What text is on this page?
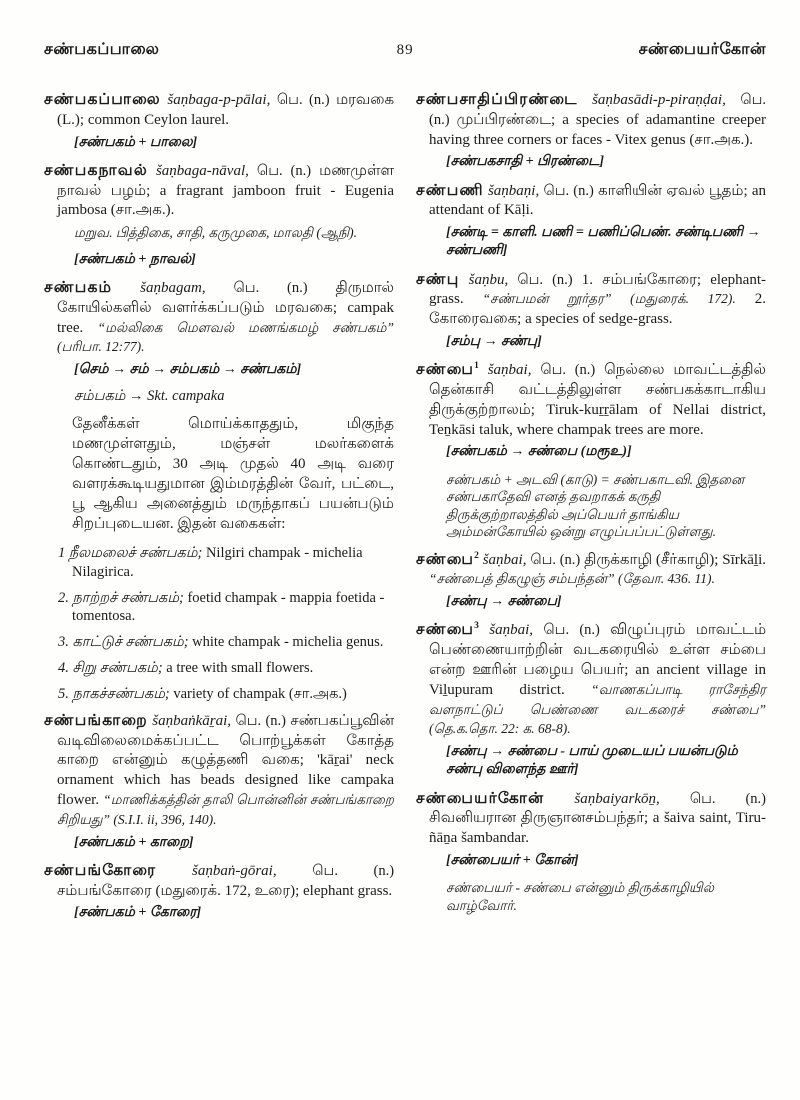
சண்பகப்பாலை	89	சண்பையர்கோன்

சண்பகப்பாலை šaṇbaga-p-pālai, பெ. (n.) மரவகை (L.); common Ceylon laurel.

[சண்பகம் + பாலை]

சண்பகநாவல் šaṇbaga-nāval, பெ. (n.) மணமுள்ள நாவல் பழம்; a fragrant jamboon fruit - Eugenia jambosa (சா.அக.).

மறுவ. பித்திகை, சாதி, கருமுகை, மாலதி (ஆநி).

[சண்பகம் + நாவல்]

சண்பகம் šaṇbagam, பெ. (n.) திருமால் கோயில்களில் வளர்க்கப்படும் மரவகை; campak tree. “மல்லிகை மெளவல் மணங்கமழ் சண்பகம்” (பரிபா. 12:77).

[செம் → சம் → சம்பகம் → சண்பகம்]

சம்பகம் → Skt. campaka

தேனீக்கள் மொய்க்காததும், மிகுந்த மணமுள்ளதும், மஞ்சள் மலர்களைக் கொண்டதும், 30 அடி முதல் 40 அடி வரை வளரக்கூடியதுமான இம்மரத்தின் வேர், பட்டை, பூ ஆகிய அனைத்தும் மருந்தாகப் பயன்படும் சிறப்புடையன. இதன் வகைகள்:

1 நீலமலைச் சண்பகம்; Nilgiri champak - michelia Nilagirica.

2. நாற்றச் சண்பகம்; foetid champak - mappia foetida - tomentosa.

3. காட்டுச் சண்பகம்; white champak - michelia genus.

4. சிறு சண்பகம்; a tree with small flowers.

5. நாகச்சண்பகம்; variety of champak (சா.அக.)

சண்பங்காறை šaṇbaṅkāṟai, பெ. (n.) சண்பகப்பூவின் வடிவிலைமைக்கப்பட்ட பொற்பூக்கள் கோத்த காறை என்னும் கழுத்தணி வகை; 'kāṟai' neck ornament which has beads designed like campaka flower. “மாணிக்கத்தின் தாலி பொன்னின் சண்பங்காறை சிறியது” (S.I.I. ii, 396, 140).

[சண்பகம் + காறை]

சண்பங்கோரை šaṇbaṅ-gōrai, பெ. (n.) சம்பங்கோரை (மதுரைக். 172, உரை); elephant grass.

[சண்பகம் + கோரை]

சண்பசாதிப்பிரண்டை šaṇbasādi-p-piraṇḍai, பெ. (n.) முப்பிரண்டை; a species of adamantine creeper having three corners or faces - Vitex genus (சா.அக.).

[சண்பகசாதி + பிரண்டை]

சண்பணி šaṇbaṇi, பெ. (n.) காளியின் ஏவல் பூதம்; an attendant of Kāḷi.

[சண்டி = காளி. பணி = பணிப்பெண். சண்டிபணி → சண்பணி]

சண்பு šaṇbu, பெ. (n.) 1. சம்பங்கோரை; elephant-grass. “சண்பமன் றூர்தர” (மதுரைக். 172). 2. கோரைவகை; a species of sedge-grass.

[சம்பு → சண்பு]

சண்பை$^1$ šaṇbai, பெ. (n.) நெல்லை மாவட்டத்தில் தென்காசி வட்டத்திலுள்ள சண்பகக்காடாகிய திருக்குற்றாலம்; Tiruk-kuṟṟālam of Nellai district, Teṉkāsi taluk, where champak trees are more.

[சண்பகம் → சண்பை (மரூஉ)]

சண்பகம் + அடவி (காடு) = சண்பகாடவி. இதனை சண்பகாதேவி எனத் தவறாகக் கருதி திருக்குற்றாலத்தில் அப்பெயர் தாங்கிய அம்மன்கோயில் ஒன்று எழுப்பப்பட்டுள்ளது.

சண்பை$^2$ šaṇbai, பெ. (n.) திருக்காழி (சீர்காழி); Sīrkāḻi. “சண்பைத் திகழுஞ் சம்பந்தன்” (தேவா. 436. 11).

[சண்பு → சண்பை]

சண்பை$^3$ šaṇbai, பெ. (n.) விழுப்புரம் மாவட்டம் பெண்ணையாற்றின் வடகரையில் உள்ள சம்பை என்ற ஊரின் பழைய பெயர்; an ancient village in Viḻupuram district. “வாணகப்பாடி ராசேந்திர வளநாட்டுப் பெண்ணை வடகரைச் சண்பை” (தெ.க.தொ. 22: க. 68-8).

[சண்பு → சண்பை - பாய் முடையப் பயன்படும் சண்பு விளைந்த ஊர்]

சண்பையர்கோன் šaṇbaiyarkōṉ, பெ. (n.) சிவனியரான திருஞானசம்பந்தர்; a šaiva saint, Tiru-ñāṉa šambandar.

[சண்பையர் + கோன்]

சண்பையர் - சண்பை என்னும் திருக்காழியில் வாழ்வோர்.
